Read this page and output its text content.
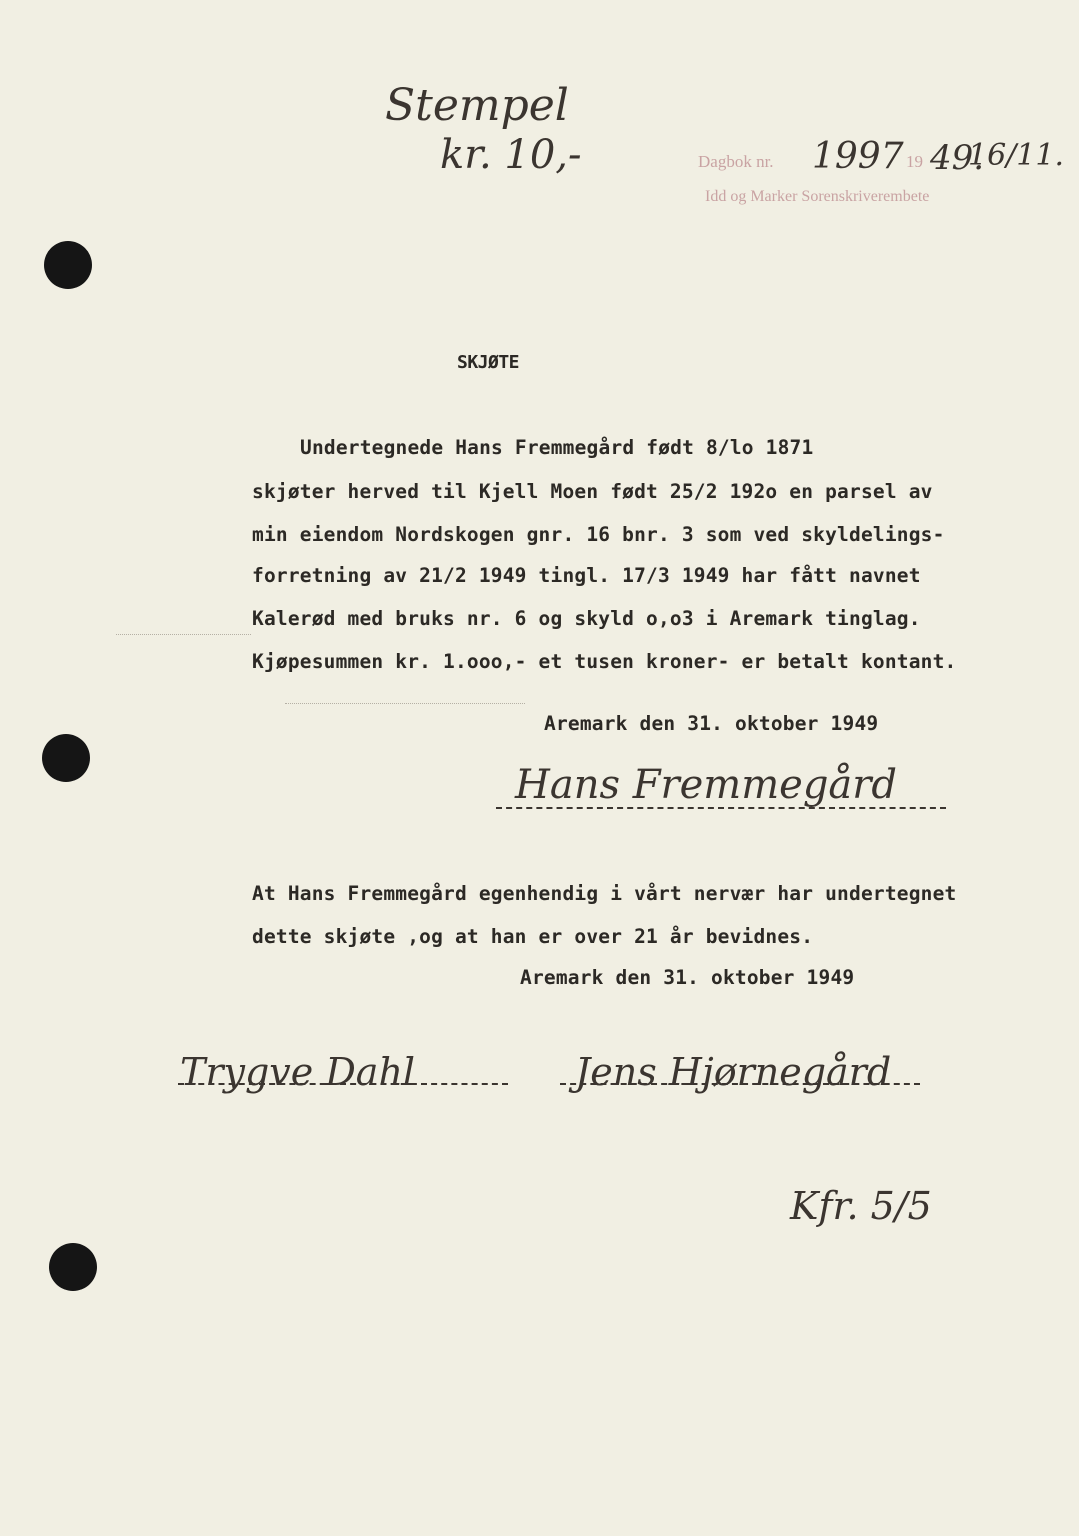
Stempel
kr. 10,-	Dagbok nr. 1997 19 49.
16/11.
Idd og Marker Sorenskriverembete
SKJØTE
Undertegnede Hans Fremmegård født 8/lo 1871
skjøter herved til Kjell Moen født 25/2 192o en parsel av
min eiendom Nordskogen gnr. 16 bnr. 3 som ved skyldelings-
forretning av 21/2 1949 tingl. 17/3 1949 har fått navnet
Kalerød med bruks nr. 6 og skyld o,o3 i Aremark tinglag.
Kjøpesummen kr. 1.ooo,- et tusen kroner- er betalt kontant.
Aremark den 31. oktober 1949
Hans Fremmegård
At Hans Fremmegård egenhendig i vårt nervær har undertegnet
dette skjøte ,og at han er over 21 år bevidnes.
Aremark den 31. oktober 1949
Trygve Dahl	Jens Hjørnegård
Kfr. 5/5
